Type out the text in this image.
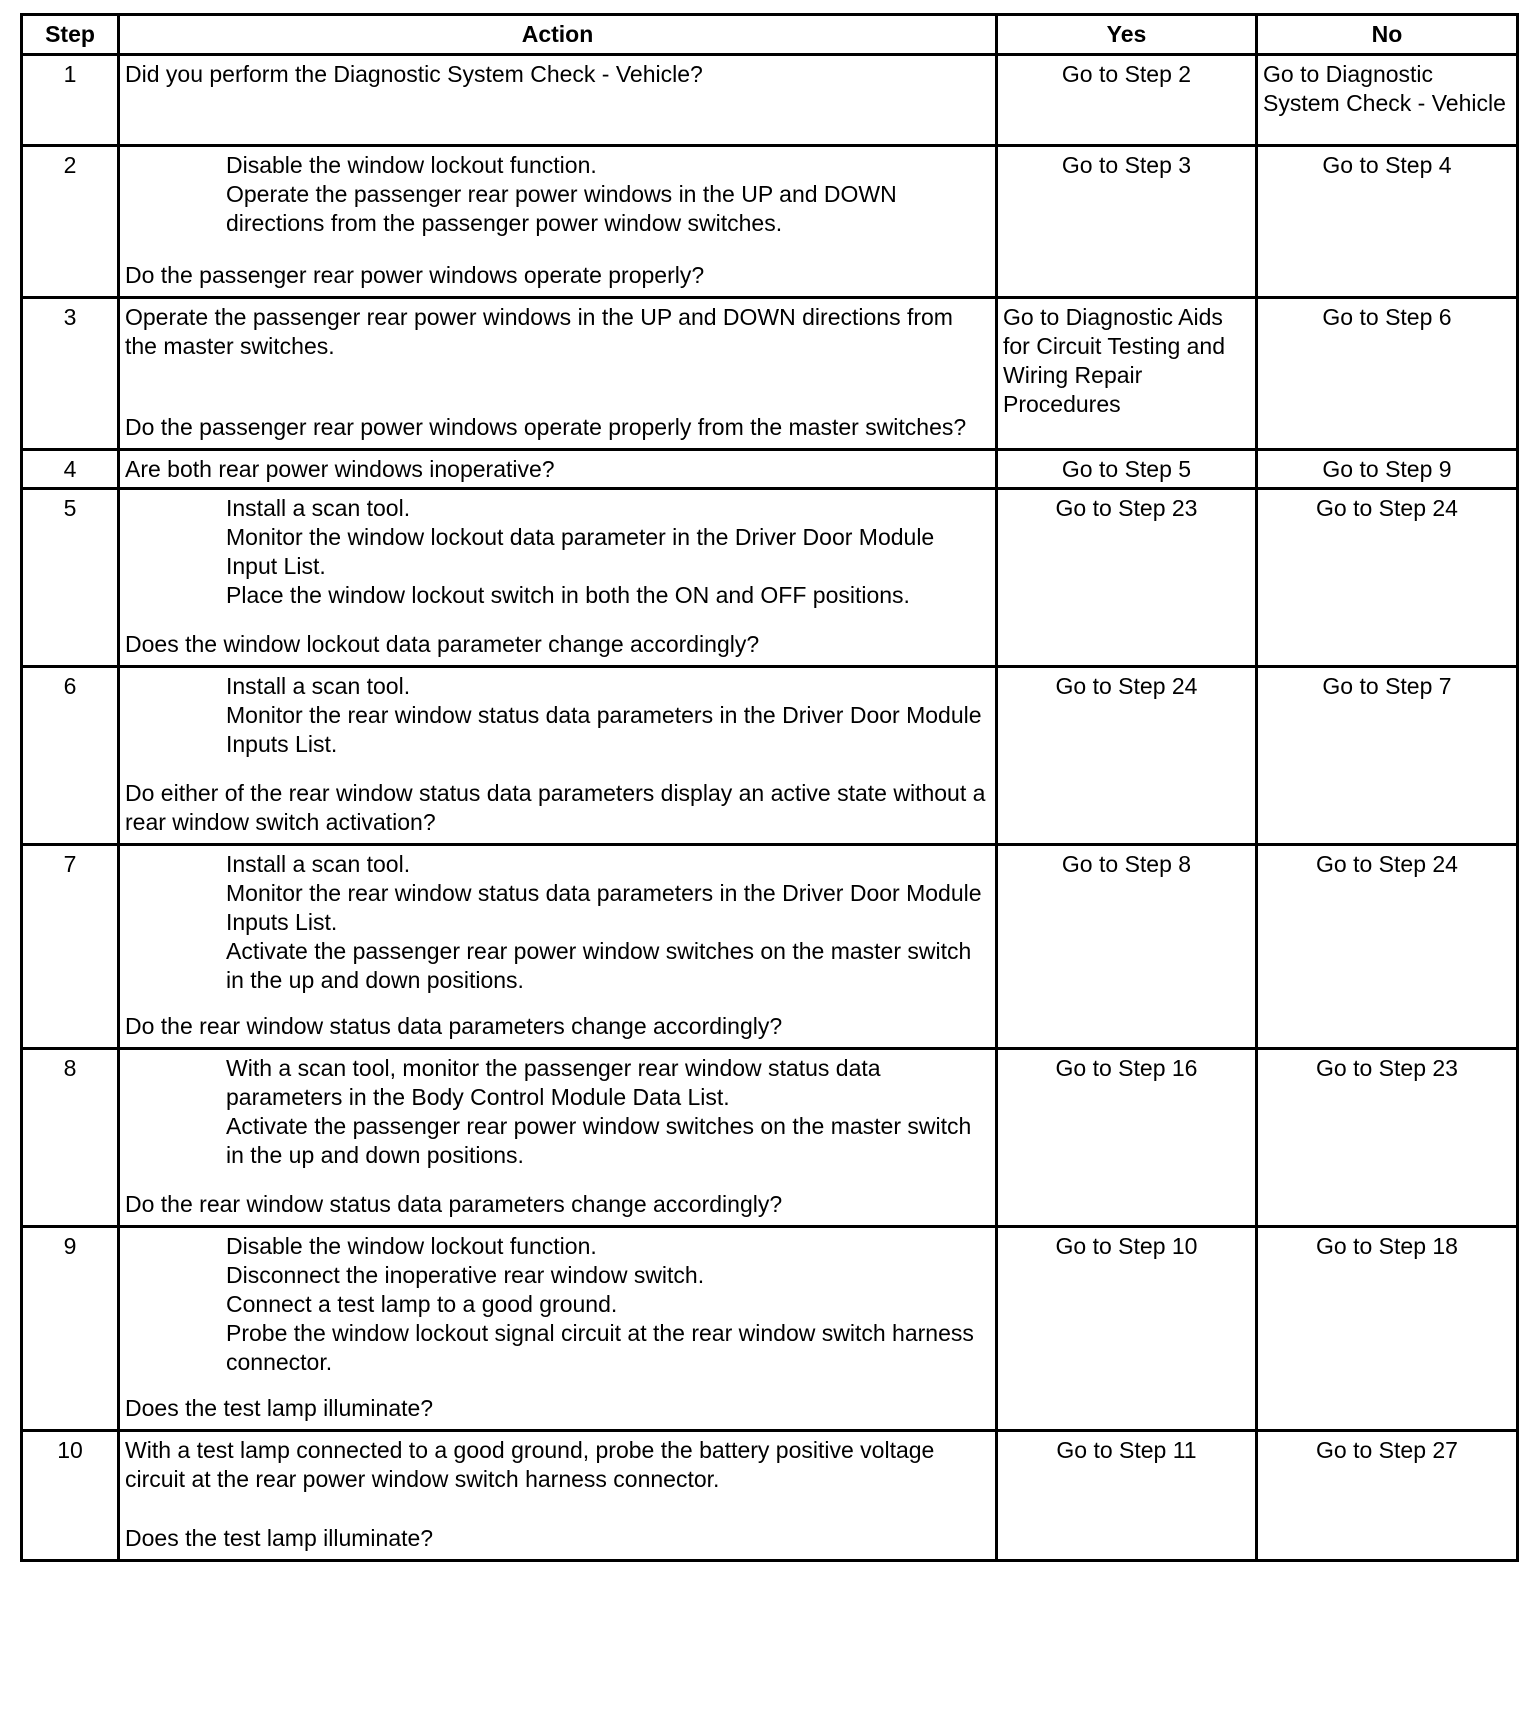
Step	Action	Yes	No
1	Did you perform the Diagnostic System Check - Vehicle?	Go to Step 2	Go to Diagnostic System Check - Vehicle
2	Disable the window lockout function.
Operate the passenger rear power windows in the UP and DOWN directions from the passenger power window switches.
Do the passenger rear power windows operate properly?	Go to Step 3	Go to Step 4
3	Operate the passenger rear power windows in the UP and DOWN directions from the master switches.
Do the passenger rear power windows operate properly from the master switches?	Go to Diagnostic Aids for Circuit Testing and Wiring Repair Procedures	Go to Step 6
4	Are both rear power windows inoperative?	Go to Step 5	Go to Step 9
5	Install a scan tool.
Monitor the window lockout data parameter in the Driver Door Module Input List.
Place the window lockout switch in both the ON and OFF positions.
Does the window lockout data parameter change accordingly?	Go to Step 23	Go to Step 24
6	Install a scan tool.
Monitor the rear window status data parameters in the Driver Door Module Inputs List.
Do either of the rear window status data parameters display an active state without a rear window switch activation?	Go to Step 24	Go to Step 7
7	Install a scan tool.
Monitor the rear window status data parameters in the Driver Door Module Inputs List.
Activate the passenger rear power window switches on the master switch in the up and down positions.
Do the rear window status data parameters change accordingly?	Go to Step 8	Go to Step 24
8	With a scan tool, monitor the passenger rear window status data parameters in the Body Control Module Data List.
Activate the passenger rear power window switches on the master switch in the up and down positions.
Do the rear window status data parameters change accordingly?	Go to Step 16	Go to Step 23
9	Disable the window lockout function.
Disconnect the inoperative rear window switch.
Connect a test lamp to a good ground.
Probe the window lockout signal circuit at the rear window switch harness connector.
Does the test lamp illuminate?	Go to Step 10	Go to Step 18
10	With a test lamp connected to a good ground, probe the battery positive voltage circuit at the rear power window switch harness connector.
Does the test lamp illuminate?	Go to Step 11	Go to Step 27
